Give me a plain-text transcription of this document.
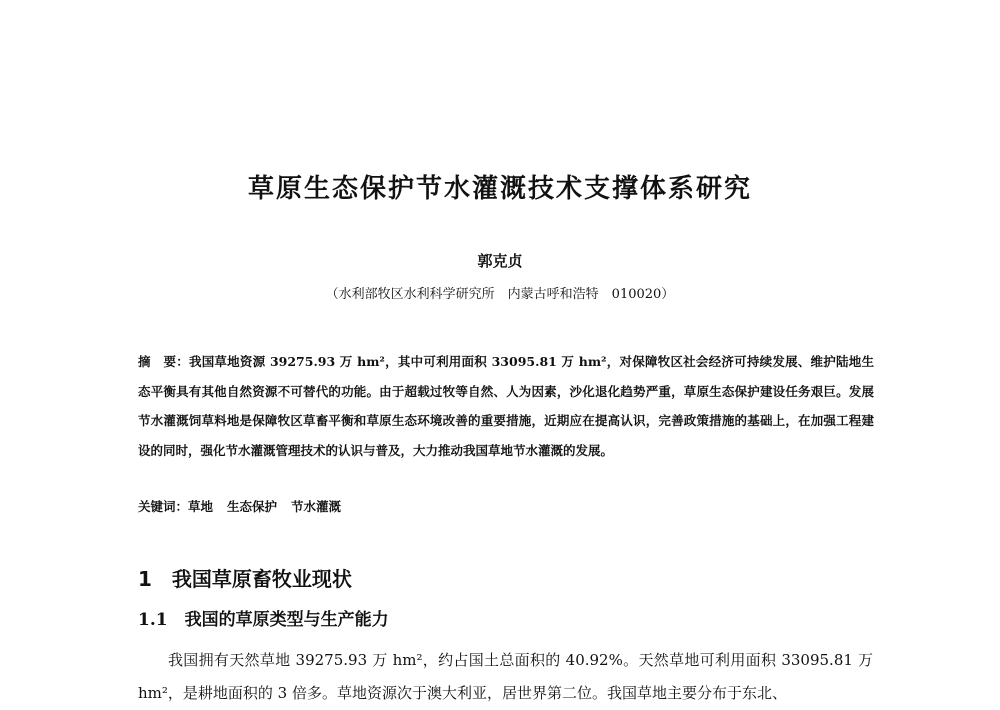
草原生态保护节水灌溉技术支撑体系研究
郭克贞
（水利部牧区水利科学研究所　内蒙古呼和浩特　010020）
摘　要：我国草地资源 39275.93 万 hm²，其中可利用面积 33095.81 万 hm²，对保障牧区社会经济可持续发展、维护陆地生态平衡具有其他自然资源不可替代的功能。由于超载过牧等自然、人为因素，沙化退化趋势严重，草原生态保护建设任务艰巨。发展节水灌溉饲草料地是保障牧区草畜平衡和草原生态环境改善的重要措施，近期应在提高认识，完善政策措施的基础上，在加强工程建设的同时，强化节水灌溉管理技术的认识与普及，大力推动我国草地节水灌溉的发展。
关键词：草地 生态保护 节水灌溉
1　我国草原畜牧业现状
1.1　我国的草原类型与生产能力
我国拥有天然草地 39275.93 万 hm²，约占国土总面积的 40.92%。天然草地可利用面积 33095.81 万 hm²，是耕地面积的 3 倍多。草地资源次于澳大利亚，居世界第二位。我国草地主要分布于东北、
